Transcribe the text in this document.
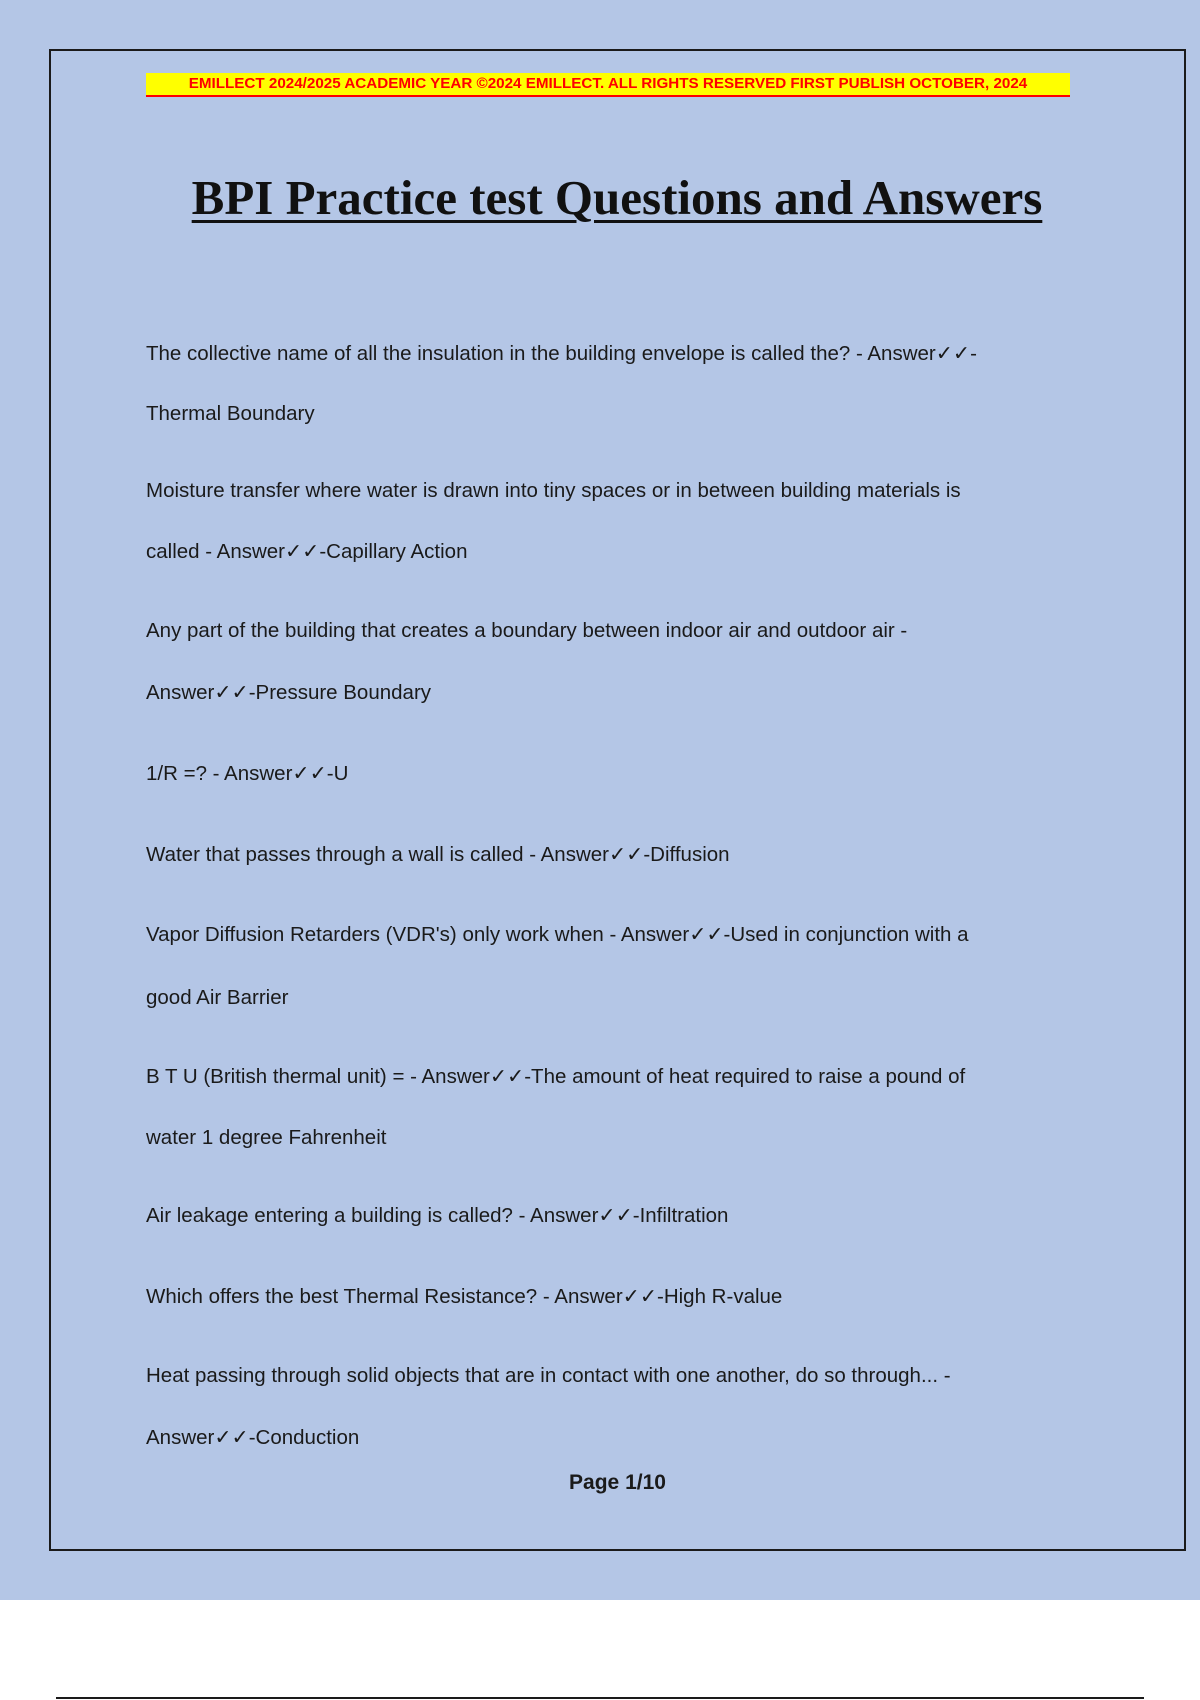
EMILLECT 2024/2025 ACADEMIC YEAR ©2024 EMILLECT. ALL RIGHTS RESERVED FIRST PUBLISH OCTOBER, 2024
BPI Practice test Questions and Answers
The collective name of all the insulation in the building envelope is called the? - Answer✓✓-
Thermal Boundary
Moisture transfer where water is drawn into tiny spaces or in between building materials is
called - Answer✓✓-Capillary Action
Any part of the building that creates a boundary between indoor air and outdoor air -
Answer✓✓-Pressure Boundary
1/R =? - Answer✓✓-U
Water that passes through a wall is called - Answer✓✓-Diffusion
Vapor Diffusion Retarders (VDR's) only work when - Answer✓✓-Used in conjunction with a
good Air Barrier
B T U (British thermal unit) = - Answer✓✓-The amount of heat required to raise a pound of
water 1 degree Fahrenheit
Air leakage entering a building is called? - Answer✓✓-Infiltration
Which offers the best Thermal Resistance? - Answer✓✓-High R-value
Heat passing through solid objects that are in contact with one another, do so through... -
Answer✓✓-Conduction
Page 1/10
